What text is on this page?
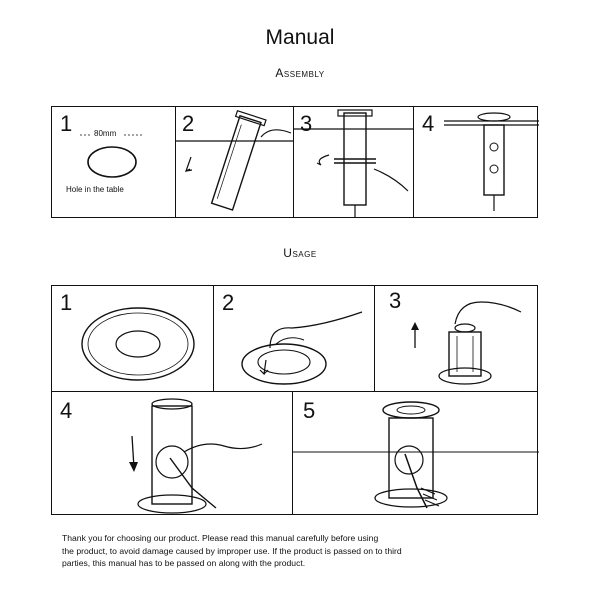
Manual
Assembly
1	80mm
Hole in the table
2	3	4
Usage
1	2	3
4	5
Thank you for choosing our product. Please read this manual carefully before using
the product, to avoid damage caused by improper use. If the product is passed on to third
parties, this manual has to be passed on along with the product.
